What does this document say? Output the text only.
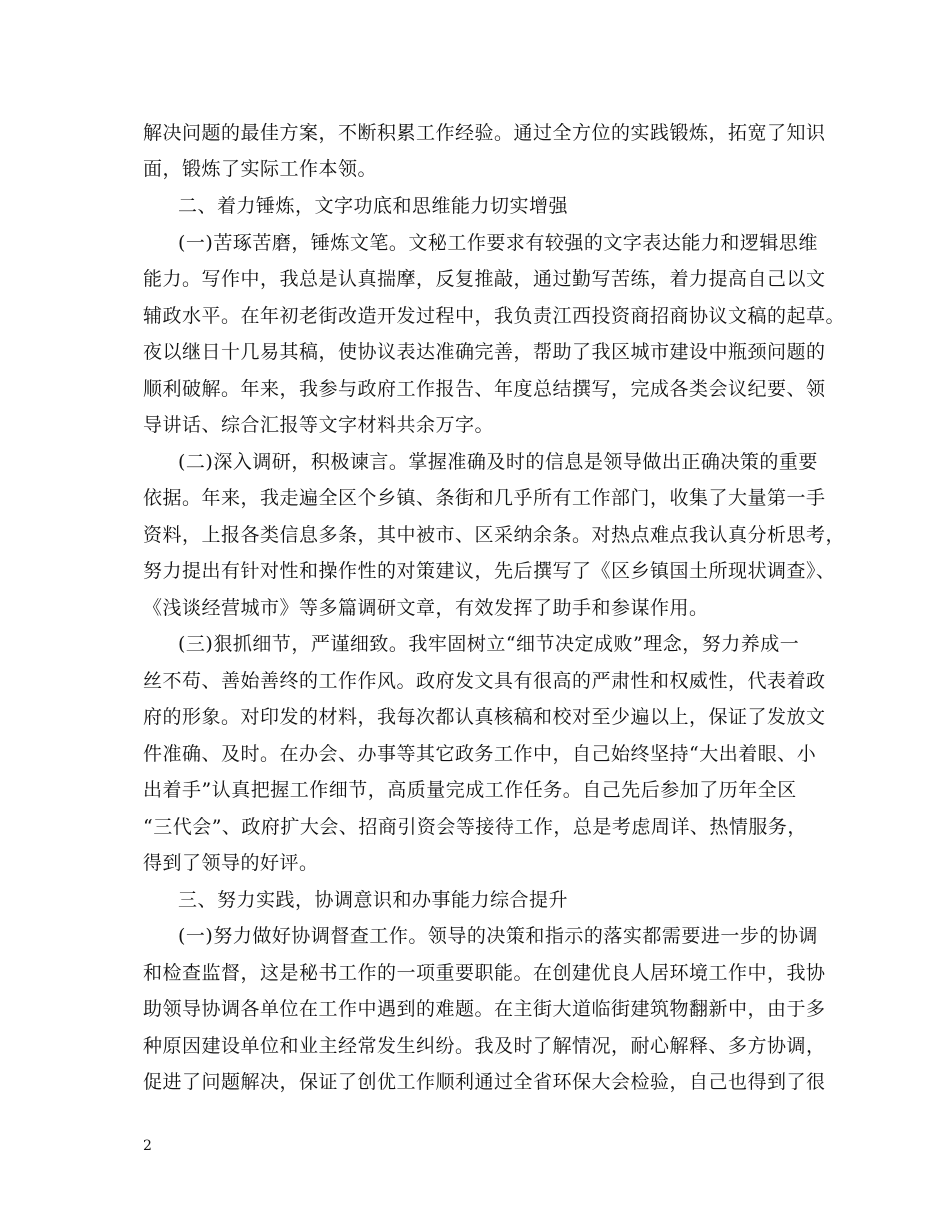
解决问题的最佳方案，不断积累工作经验。通过全方位的实践锻炼，拓宽了知识
面，锻炼了实际工作本领。
二、着力锤炼，文字功底和思维能力切实增强
(一)苦琢苦磨，锤炼文笔。文秘工作要求有较强的文字表达能力和逻辑思维
能力。写作中，我总是认真揣摩，反复推敲，通过勤写苦练，着力提高自己以文
辅政水平。在年初老街改造开发过程中，我负责江西投资商招商协议文稿的起草。
夜以继日十几易其稿，使协议表达准确完善，帮助了我区城市建设中瓶颈问题的
顺利破解。年来，我参与政府工作报告、年度总结撰写，完成各类会议纪要、领
导讲话、综合汇报等文字材料共余万字。
(二)深入调研，积极谏言。掌握准确及时的信息是领导做出正确决策的重要
依据。年来，我走遍全区个乡镇、条街和几乎所有工作部门，收集了大量第一手
资料，上报各类信息多条，其中被市、区采纳余条。对热点难点我认真分析思考，
努力提出有针对性和操作性的对策建议，先后撰写了《区乡镇国土所现状调查》、
《浅谈经营城市》等多篇调研文章，有效发挥了助手和参谋作用。
(三)狠抓细节，严谨细致。我牢固树立“细节决定成败”理念，努力养成一
丝不苟、善始善终的工作作风。政府发文具有很高的严肃性和权威性，代表着政
府的形象。对印发的材料，我每次都认真核稿和校对至少遍以上，保证了发放文
件准确、及时。在办会、办事等其它政务工作中，自己始终坚持“大出着眼、小
出着手”认真把握工作细节，高质量完成工作任务。自己先后参加了历年全区
“三代会”、政府扩大会、招商引资会等接待工作，总是考虑周详、热情服务，
得到了领导的好评。
三、努力实践，协调意识和办事能力综合提升
(一)努力做好协调督查工作。领导的决策和指示的落实都需要进一步的协调
和检查监督，这是秘书工作的一项重要职能。在创建优良人居环境工作中，我协
助领导协调各单位在工作中遇到的难题。在主街大道临街建筑物翻新中，由于多
种原因建设单位和业主经常发生纠纷。我及时了解情况，耐心解释、多方协调，
促进了问题解决，保证了创优工作顺利通过全省环保大会检验，自己也得到了很
2
